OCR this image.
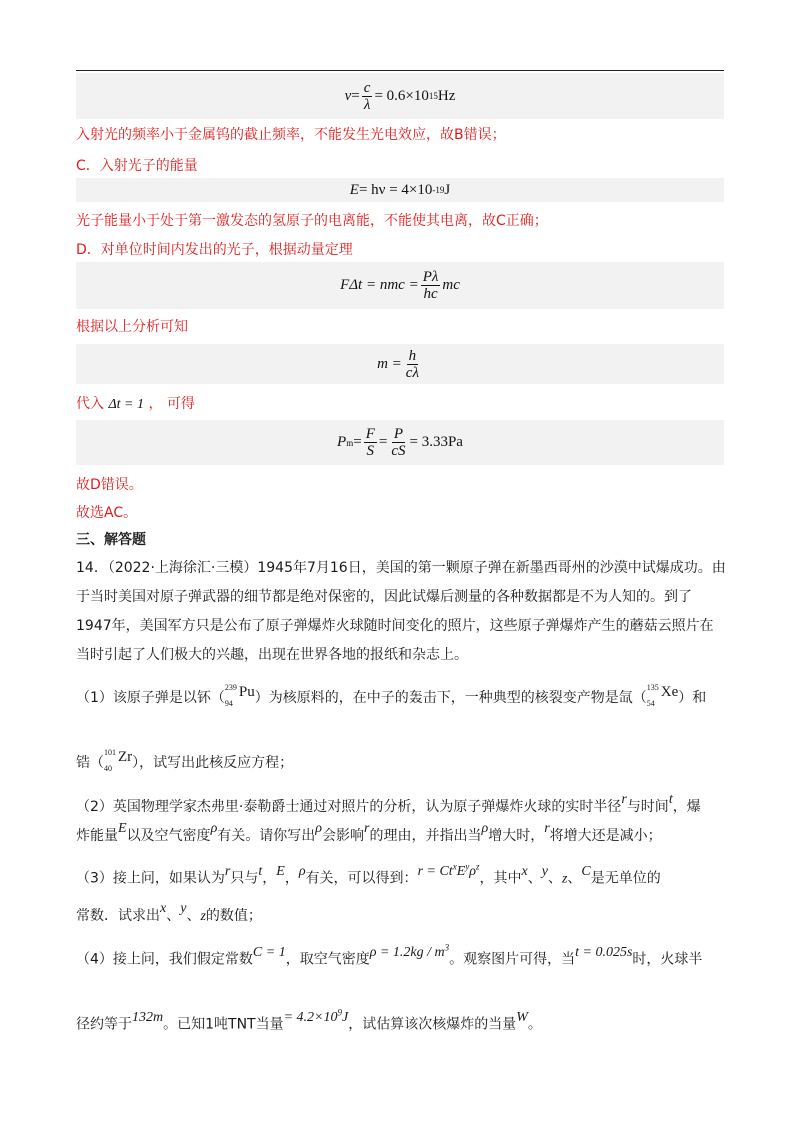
$\nu = \frac{c}{\lambda} = 0.6\times 10$ 15 Hz
入射光的频率小于金属钨的截止频率，不能发生光电效应，故B错误；
C．入射光子的能量
E = hν = 4×10 -19 J
光子能量小于处于第一激发态的氢原子的电离能，不能使其电离，故C正确；
D．对单位时间内发出的光子，根据动量定理
FΔt = nmc = $\frac{P\lambda}{hc}$ mc
根据以上分析可知
$m = \frac{h}{c\lambda}$
代入 Δt = 1 ， 可得
P $m = \frac{F}{S} = \frac{P}{cS} = 3.33Pa$
故D错误。
故选AC。
三、解答题
14．（2022·上海徐汇·三模）1945年7月16日，美国的第一颗原子弹在新墨西哥州的沙漠中试爆成功。由于当时美国对原子弹武器的细节都是绝对保密的，因此试爆后测量的各种数据都是不为人知的。到了1947年，美国军方只是公布了原子弹爆炸火球随时间变化的照片，这些原子弹爆炸产生的蘑菇云照片在当时引起了人们极大的兴趣，出现在世界各地的报纸和杂志上。
（1）该原子弹是以钚（
239
94
Pu）为核原料的，在中子的轰击下，一种典型的核裂变产物是氙（
135
54
Xe）和
锆（
101
40
Zr），试写出此核反应方程；
（2）英国物理学家杰弗里·泰勒爵士通过对照片的分析，认为原子弹爆炸火球的实时半径r与时间t，爆
炸能量E以及空气密度ρ有关。请你写出ρ会影响r的理由，并指出当ρ增大时，r将增大还是减小；
（3）接上问，如果认为r只与t，E，ρ有关，可以得到：$r = Ct^xE^y\rho^z$，其中x、y、z、C是无单位的
常数．试求出x、y、z的数值；
（4）接上问，我们假定常数C = 1，取空气密度$\rho = 1.2kg / m^3$。观察图片可得，当t = 0.025s时，火球半
径约等于132m。已知1吨TNT当量= $4.2\times 10^9J$，试估算该次核爆炸的当量W。
